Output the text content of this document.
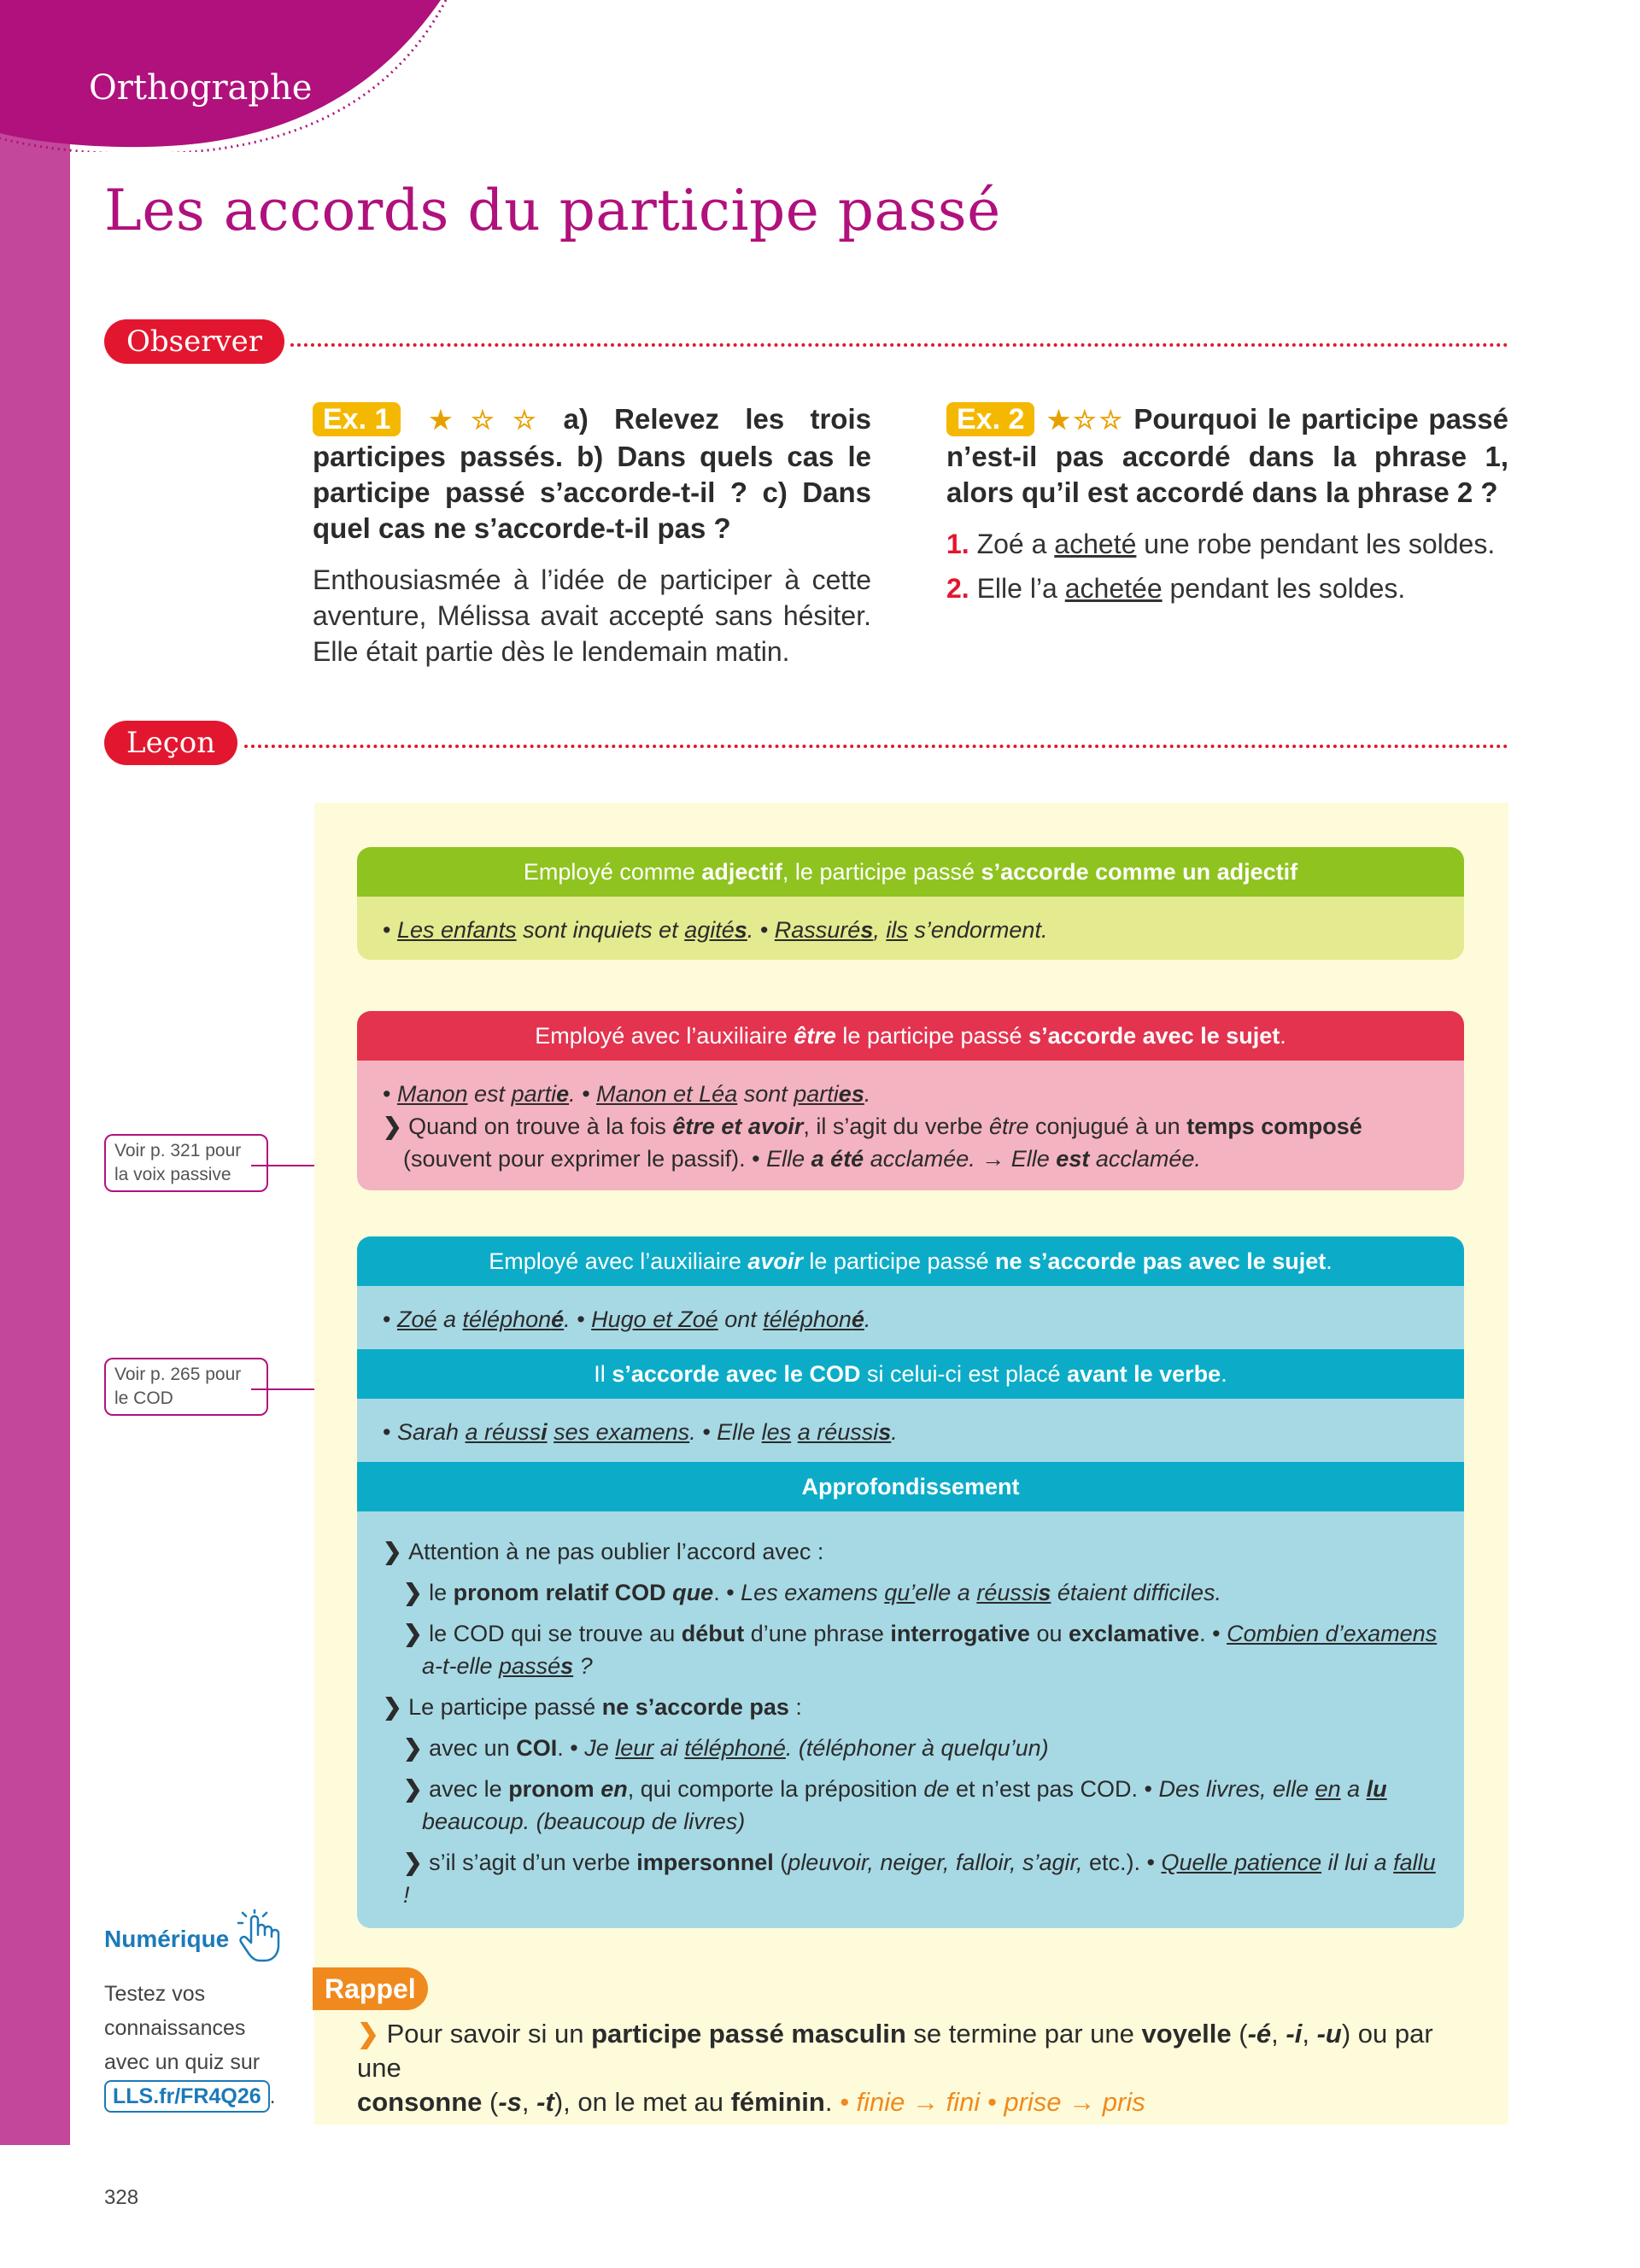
Orthographe
Les accords du participe passé
Observer

Ex. 1 ★☆☆ a) Relevez les trois participes passés. b) Dans quels cas le participe passé s’accorde-t-il ? c) Dans quel cas ne s’accorde-t-il pas ?

Enthousiasmée à l’idée de participer à cette aventure, Mélissa avait accepté sans hésiter. Elle était partie dès le lendemain matin.

Ex. 2 ★☆☆ Pourquoi le participe passé n’est-il pas accordé dans la phrase 1, alors qu’il est accordé dans la phrase 2 ?

1. Zoé a acheté une robe pendant les soldes.
2. Elle l’a achetée pendant les soldes.
Leçon
Employé comme adjectif, le participe passé s’accorde comme un adjectif
• Les enfants sont inquiets et agités. • Rassurés, ils s’endorment.
Employé avec l’auxiliaire être le participe passé s’accorde avec le sujet.
• Manon est partie. • Manon et Léa sont parties.
❯ Quand on trouve à la fois être et avoir, il s’agit du verbe être conjugué à un temps composé
(souvent pour exprimer le passif). • Elle a été acclamée. → Elle est acclamée.
Employé avec l’auxiliaire avoir le participe passé ne s’accorde pas avec le sujet.
• Zoé a téléphoné. • Hugo et Zoé ont téléphoné.
Il s’accorde avec le COD si celui-ci est placé avant le verbe.
• Sarah a réussi ses examens. • Elle les a réussis.
Approfondissement
❯ Attention à ne pas oublier l’accord avec :
❯ le pronom relatif COD que. • Les examens qu’elle a réussis étaient difficiles.
❯ le COD qui se trouve au début d’une phrase interrogative ou exclamative. • Combien d’examens
a-t-elle passés ?
❯ Le participe passé ne s’accorde pas :
❯ avec un COI. • Je leur ai téléphoné. (téléphoner à quelqu’un)
❯ avec le pronom en, qui comporte la préposition de et n’est pas COD. • Des livres, elle en a lu
beaucoup. (beaucoup de livres)
❯ s’il s’agit d’un verbe impersonnel (pleuvoir, neiger, falloir, s’agir, etc.). • Quelle patience il lui a fallu !
Voir p. 321 pour
la voix passive
Voir p. 265 pour
le COD
Numérique
Testez vos
connaissances
avec un quiz sur
LLS.fr/FR4Q26 .
Rappel
❯ Pour savoir si un participe passé masculin se termine par une voyelle (-é, -i, -u) ou par une
consonne (-s, -t), on le met au féminin. • finie → fini • prise → pris
328
